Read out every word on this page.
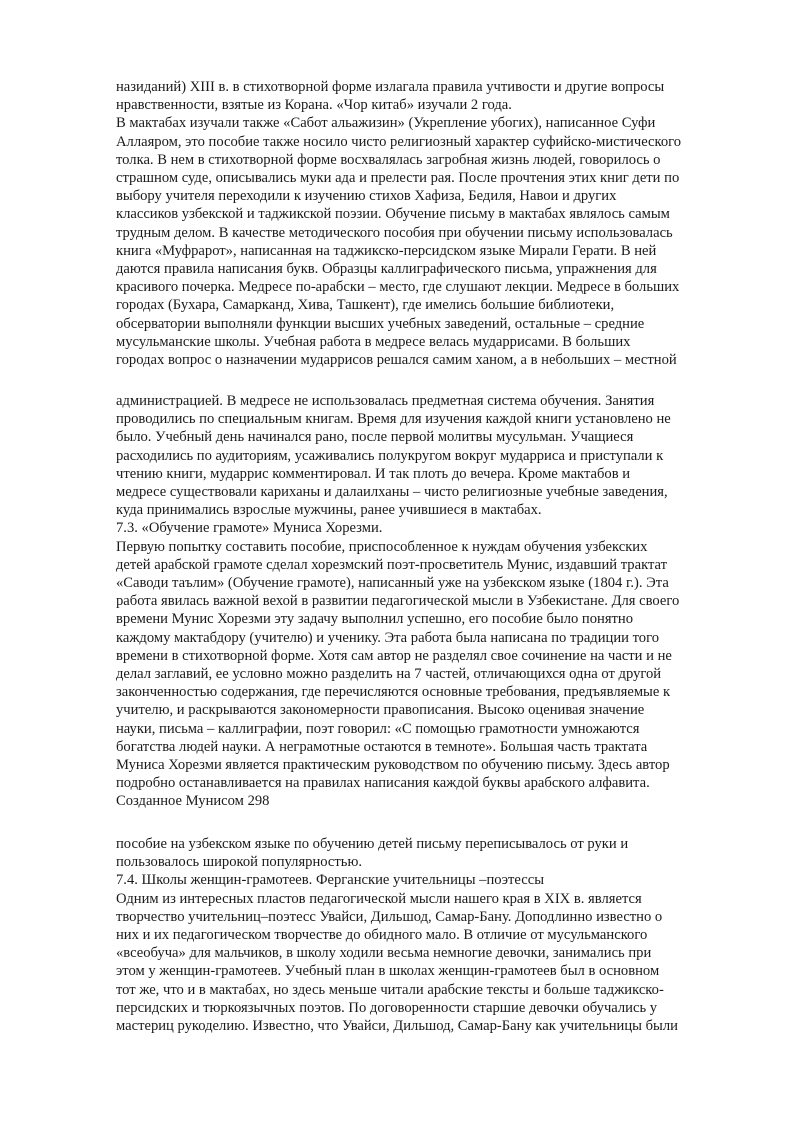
назиданий) XIII в. в стихотворной форме излагала правила учтивости и другие вопросы

нравственности, взятые из Корана. «Чор китаб» изучали 2 года.

В мактабах изучали также «Сабот альажизин» (Укрепление убогих), написанное Суфи

Аллаяром, это пособие также носило чисто религиозный характер суфийско-мистического

толка. В нем в стихотворной форме восхвалялась загробная жизнь людей, говорилось о

страшном суде, описывались муки ада и прелести рая. После прочтения этих книг дети по

выбору учителя переходили к изучению стихов Хафиза, Бедиля, Навои и других

классиков узбекской и таджикской поэзии. Обучение письму в мактабах являлось самым

трудным делом. В качестве методического пособия при обучении письму использовалась

книга «Муфрарот», написанная на таджикско-персидском языке Мирали Герати. В ней

даются правила написания букв. Образцы каллиграфического письма, упражнения для

красивого почерка. Медресе по-арабски – место, где слушают лекции. Медресе в больших

городах (Бухара, Самарканд, Хива, Ташкент), где имелись большие библиотеки,

обсерватории выполняли функции высших учебных заведений, остальные – средние

мусульманские школы. Учебная работа в медресе велась мударрисами. В больших

городах вопрос о назначении мударрисов решался самим ханом, а в небольших – местной

администрацией. В медресе не использовалась предметная система обучения. Занятия

проводились по специальным книгам. Время для изучения каждой книги установлено не

было. Учебный день начинался рано, после первой молитвы мусульман. Учащиеся

расходились по аудиториям, усаживались полукругом вокруг мударриса и приступали к

чтению книги, мударрис комментировал. И так плоть до вечера. Кроме мактабов и

медресе существовали кариханы и далаилханы – чисто религиозные учебные заведения,

куда принимались взрослые мужчины, ранее учившиеся в мактабах.

7.3. «Обучение грамоте» Муниса Хорезми.

Первую попытку составить пособие, приспособленное к нуждам обучения узбекских

детей арабской грамоте сделал хорезмский поэт-просветитель Мунис, издавший трактат

«Саводи таълим» (Обучение грамоте), написанный уже на узбекском языке (1804 г.). Эта

работа явилась важной вехой в развитии педагогической мысли в Узбекистане. Для своего

времени Мунис Хорезми эту задачу выполнил успешно, его пособие было понятно

каждому мактабдору (учителю) и ученику. Эта работа была написана по традиции того

времени в стихотворной форме. Хотя сам автор не разделял свое сочинение на части и не

делал заглавий, ее условно можно разделить на 7 частей, отличающихся одна от другой

законченностью содержания, где перечисляются основные требования, предъявляемые к

учителю, и раскрываются закономерности правописания. Высоко оценивая значение

науки, письма – каллиграфии, поэт говорил: «С помощью грамотности умножаются

богатства людей науки. А неграмотные остаются в темноте». Большая часть трактата

Муниса Хорезми является практическим руководством по обучению письму. Здесь автор

подробно останавливается на правилах написания каждой буквы арабского алфавита.

Созданное Мунисом 298

пособие на узбекском языке по обучению детей письму переписывалось от руки и

пользовалось широкой популярностью.

7.4. Школы женщин-грамотеев. Ферганские учительницы –поэтессы

Одним из интересных пластов педагогической мысли нашего края в XIX в. является

творчество учительниц–поэтесс Увайси, Дильшод, Самар-Бану. Доподлинно известно о

них и их педагогическом творчестве до обидного мало. В отличие от мусульманского

«всеобуча» для мальчиков, в школу ходили весьма немногие девочки, занимались при

этом у женщин-грамотеев. Учебный план в школах женщин-грамотеев был в основном

тот же, что и в мактабах, но здесь меньше читали арабские тексты и больше таджикско-

персидских и тюркоязычных поэтов. По договоренности старшие девочки обучались у

мастериц рукоделию. Известно, что Увайси, Дильшод, Самар-Бану как учительницы были
